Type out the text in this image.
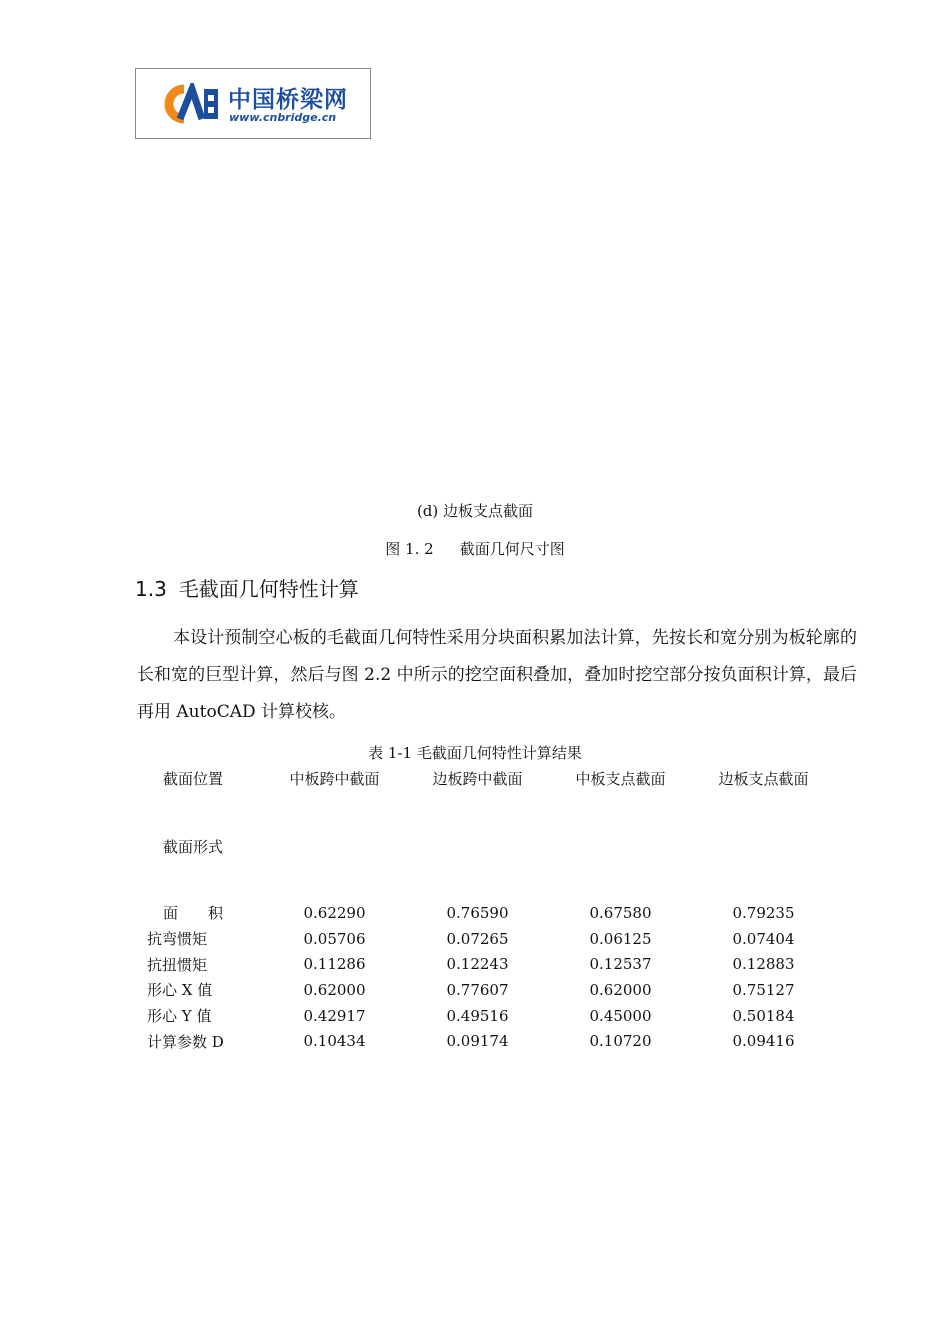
中国桥梁网
www.cnbridge.cn
(d) 边板支点截面
图 1. 2 截面几何尺寸图
1.3 毛截面几何特性计算

本设计预制空心板的毛截面几何特性采用分块面积累加法计算，先按长和宽分别为板轮廓的长和宽的巨型计算，然后与图 2.2 中所示的挖空面积叠加，叠加时挖空部分按负面积计算，最后再用 AutoCAD 计算校核。

表 1-1 毛截面几何特性计算结果
截面位置	中板跨中截面	边板跨中截面	中板支点截面	边板支点截面
截面形式				
面　　积	0.62290	0.76590	0.67580	0.79235
抗弯惯矩	0.05706	0.07265	0.06125	0.07404
抗扭惯矩	0.11286	0.12243	0.12537	0.12883
形心 X 值	0.62000	0.77607	0.62000	0.75127
形心 Y 值	0.42917	0.49516	0.45000	0.50184
计算参数 D	0.10434	0.09174	0.10720	0.09416
